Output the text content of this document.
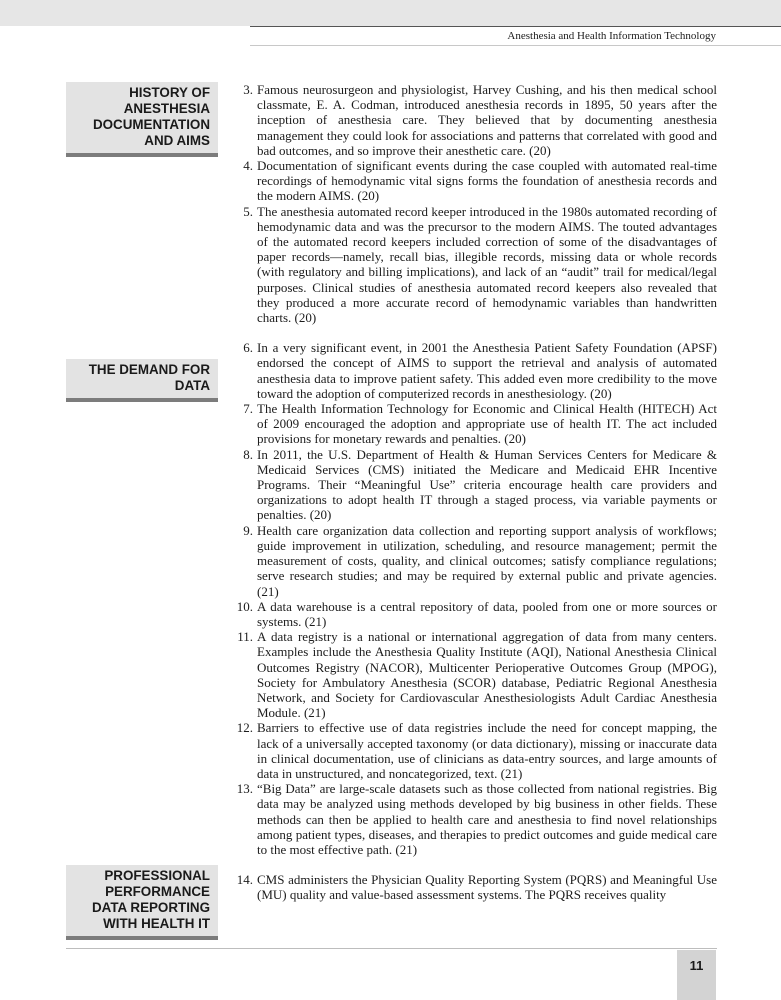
Anesthesia and Health Information Technology
HISTORY OF
ANESTHESIA
DOCUMENTATION
AND AIMS
THE DEMAND FOR
DATA
PROFESSIONAL
PERFORMANCE
DATA REPORTING
WITH HEALTH IT
3. Famous neurosurgeon and physiologist, Harvey Cushing, and his then medical school classmate, E. A. Codman, introduced anesthesia records in 1895, 50 years after the inception of anesthesia care. They believed that by documenting anesthesia management they could look for associations and patterns that correlated with good and bad outcomes, and so improve their anesthetic care. (20)
4. Documentation of significant events during the case coupled with automated real-time recordings of hemodynamic vital signs forms the foundation of anesthesia records and the modern AIMS. (20)
5. The anesthesia automated record keeper introduced in the 1980s automated recording of hemodynamic data and was the precursor to the modern AIMS. The touted advantages of the automated record keepers included correction of some of the disadvantages of paper records—namely, recall bias, illegible records, missing data or whole records (with regulatory and billing implications), and lack of an “audit” trail for medical/legal purposes. Clinical studies of anesthesia automated record keepers also revealed that they produced a more accurate record of hemodynamic variables than handwritten charts. (20)
6. In a very significant event, in 2001 the Anesthesia Patient Safety Foundation (APSF) endorsed the concept of AIMS to support the retrieval and analysis of automated anesthesia data to improve patient safety. This added even more credibility to the move toward the adoption of computerized records in anesthesiology. (20)
7. The Health Information Technology for Economic and Clinical Health (HITECH) Act of 2009 encouraged the adoption and appropriate use of health IT. The act included provisions for monetary rewards and penalties. (20)
8. In 2011, the U.S. Department of Health & Human Services Centers for Medicare & Medicaid Services (CMS) initiated the Medicare and Medicaid EHR Incentive Programs. Their “Meaningful Use” criteria encourage health care providers and organizations to adopt health IT through a staged process, via variable payments or penalties. (20)
9. Health care organization data collection and reporting support analysis of workflows; guide improvement in utilization, scheduling, and resource management; permit the measurement of costs, quality, and clinical outcomes; satisfy compliance regulations; serve research studies; and may be required by external public and private agencies. (21)
10. A data warehouse is a central repository of data, pooled from one or more sources or systems. (21)
11. A data registry is a national or international aggregation of data from many centers. Examples include the Anesthesia Quality Institute (AQI), National Anesthesia Clinical Outcomes Registry (NACOR), Multicenter Perioperative Outcomes Group (MPOG), Society for Ambulatory Anesthesia (SCOR) database, Pediatric Regional Anesthesia Network, and Society for Cardiovascular Anesthesiologists Adult Cardiac Anesthesia Module. (21)
12. Barriers to effective use of data registries include the need for concept mapping, the lack of a universally accepted taxonomy (or data dictionary), missing or inaccurate data in clinical documentation, use of clinicians as data-entry sources, and large amounts of data in unstructured, and noncategorized, text. (21)
13. “Big Data” are large-scale datasets such as those collected from national registries. Big data may be analyzed using methods developed by big business in other fields. These methods can then be applied to health care and anesthesia to find novel relationships among patient types, diseases, and therapies to predict outcomes and guide medical care to the most effective path. (21)
14. CMS administers the Physician Quality Reporting System (PQRS) and Meaningful Use (MU) quality and value-based assessment systems. The PQRS receives quality
11
